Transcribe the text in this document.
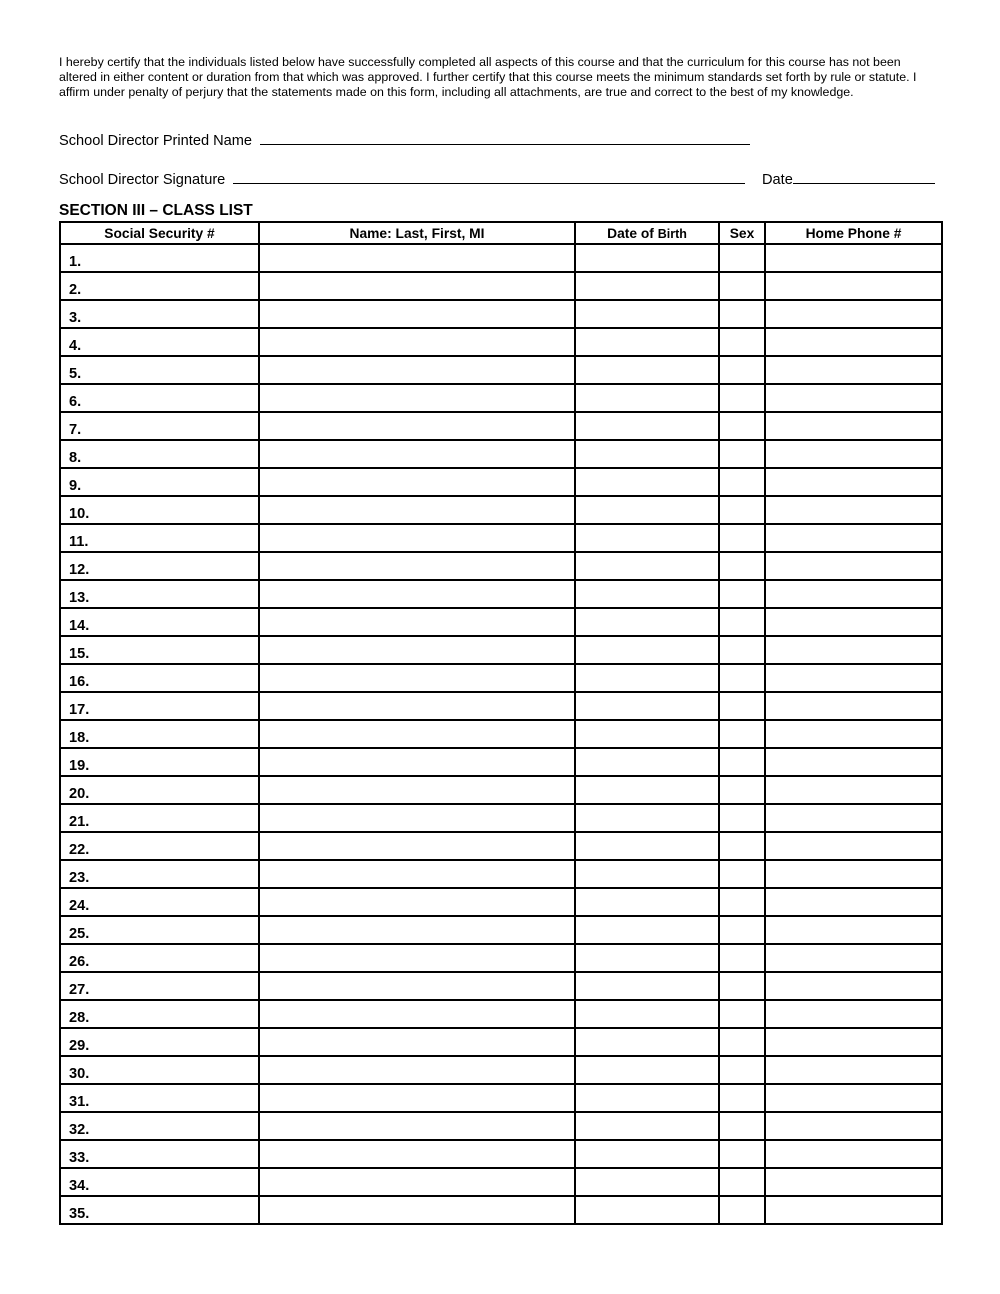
I hereby certify that the individuals listed below have successfully completed all aspects of this course and that the curriculum for this course has not been altered in either content or duration from that which was approved. I further certify that this course meets the minimum standards set forth by rule or statute. I affirm under penalty of perjury that the statements made on this form, including all attachments, are true and correct to the best of my knowledge.

School Director Printed Name
School Director Signature	Date
SECTION III – CLASS LIST
Social Security #	Name: Last, First, MI	Date of Birth	Sex	Home Phone #
1.				
2.				
3.				
4.				
5.				
6.				
7.				
8.				
9.				
10.				
11.				
12.				
13.				
14.				
15.				
16.				
17.				
18.				
19.				
20.				
21.				
22.				
23.				
24.				
25.				
26.				
27.				
28.				
29.				
30.				
31.				
32.				
33.				
34.				
35.				
